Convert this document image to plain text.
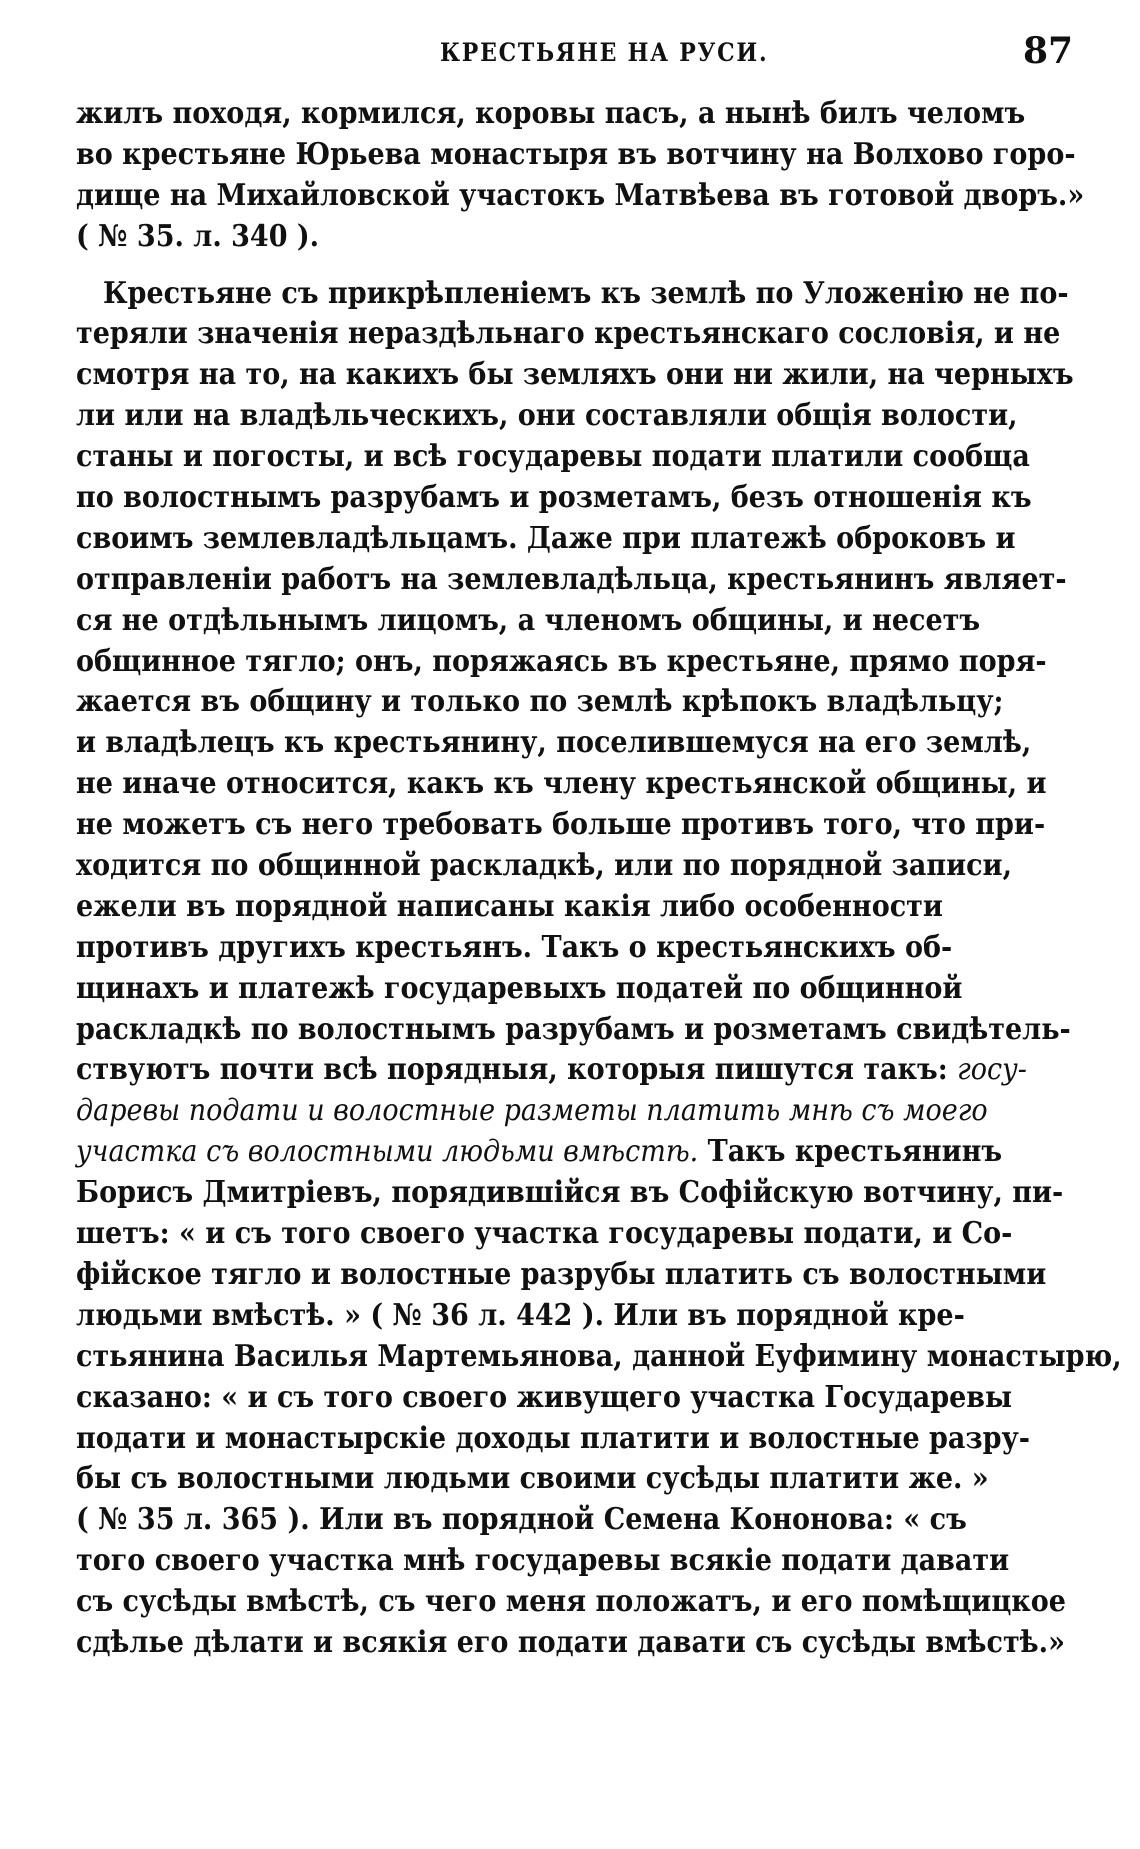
КРЕСТЬЯНЕ НА РУСИ.	87
жилъ походя, кормился, коровы пасъ, а нынѣ билъ челомъ
во крестьяне Юрьева монастыря въ вотчину на Волхово горо-
дище на Михайловской участокъ Матвѣева въ готовой дворъ.»
( № 35. л. 340 ).
Крестьяне съ прикрѣпленіемъ къ землѣ по Уложенію не по-
теряли значенія нераздѣльнаго крестьянскаго сословія, и не
смотря на то, на какихъ бы земляхъ они ни жили, на черныхъ
ли или на владѣльческихъ, они составляли общія волости,
станы и погосты, и всѣ государевы подати платили сообща
по волостнымъ разрубамъ и розметамъ, безъ отношенія къ
своимъ землевладѣльцамъ. Даже при платежѣ оброковъ и
отправленіи работъ на землевладѣльца, крестьянинъ являет-
ся не отдѣльнымъ лицомъ, а членомъ общины, и несетъ
общинное тягло; онъ, поряжаясь въ крестьяне, прямо поря-
жается въ общину и только по землѣ крѣпокъ владѣльцу;
и владѣлецъ къ крестьянину, поселившемуся на его землѣ,
не иначе относится, какъ къ члену крестьянской общины, и
не можетъ съ него требовать больше противъ того, что при-
ходится по общинной раскладкѣ, или по порядной записи,
ежели въ порядной написаны какія либо особенности
противъ другихъ крестьянъ. Такъ о крестьянскихъ об-
щинахъ и платежѣ государевыхъ податей по общинной
раскладкѣ по волостнымъ разрубамъ и розметамъ свидѣтель-
ствуютъ почти всѣ порядныя, которыя пишутся такъ: госу-
даревы подати и волостные разметы платить мнѣ съ моего
участка съ волостными людьми вмѣстѣ. Такъ крестьянинъ
Борисъ Дмитріевъ, порядившійся въ Софійскую вотчину, пи-
шетъ: « и съ того своего участка государевы подати, и Со-
фійское тягло и волостные разрубы платить съ волостными
людьми вмѣстѣ. » ( № 36 л. 442 ). Или въ порядной кре-
стьянина Василья Мартемьянова, данной Еуфимину монастырю,
сказано: « и съ того своего живущего участка Государевы
подати и монастырскіе доходы платити и волостные разру-
бы съ волостными людьми своими сусѣды платити же. »
( № 35 л. 365 ). Или въ порядной Семена Кононова: « съ
того своего участка мнѣ государевы всякіе подати давати
съ сусѣды вмѣстѣ, съ чего меня положатъ, и его помѣщицкое
сдѣлье дѣлати и всякія его подати давати съ сусѣды вмѣстѣ.»
